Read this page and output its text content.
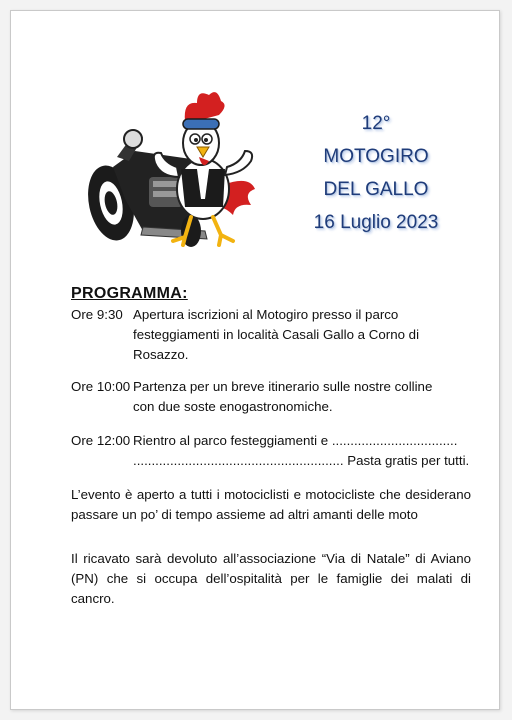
12°
MOTOGIRO
DEL GALLO
16 Luglio 2023
PROGRAMMA:
Ore 9:30 Apertura iscrizioni al Motogiro presso il parco
festeggiamenti in località Casali Gallo a Corno di
Rosazzo.
Ore 10:00 Partenza per un breve itinerario sulle nostre colline
con due soste enogastronomiche.
Ore 12:00 Rientro al parco festeggiamenti e ..................................
......................................................... Pasta gratis per tutti.
L’evento è aperto a tutti i motociclisti e motocicliste che desiderano passare un po’ di tempo assieme ad altri amanti delle moto
Il ricavato sarà devoluto all’associazione “Via di Natale” di Aviano (PN) che si occupa dell’ospitalità per le famiglie dei malati di cancro.
